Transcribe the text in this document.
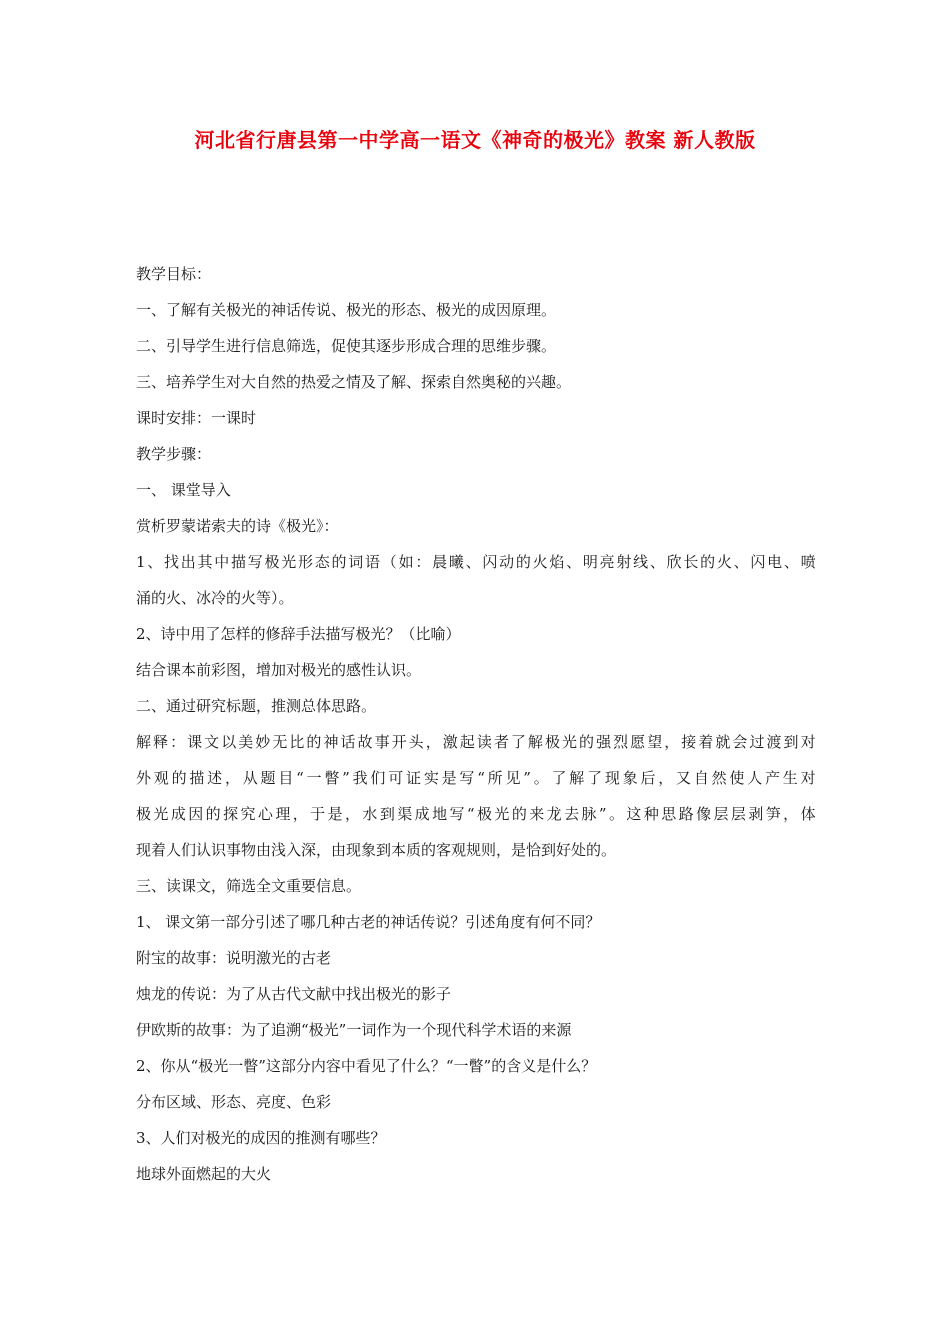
河北省行唐县第一中学高一语文《神奇的极光》教案 新人教版
教学目标：
一、了解有关极光的神话传说、极光的形态、极光的成因原理。
二、引导学生进行信息筛选，促使其逐步形成合理的思维步骤。
三、培养学生对大自然的热爱之情及了解、探索自然奥秘的兴趣。
课时安排：一课时
教学步骤：
一、 课堂导入
赏析罗蒙诺索夫的诗《极光》：
1、找出其中描写极光形态的词语（如：晨曦、闪动的火焰、明亮射线、欣长的火、闪电、喷
涌的火、冰冷的火等）。
2、诗中用了怎样的修辞手法描写极光？（比喻）
结合课本前彩图，增加对极光的感性认识。
二、通过研究标题，推测总体思路。
解释：课文以美妙无比的神话故事开头，激起读者了解极光的强烈愿望，接着就会过渡到对
外观的描述，从题目“一瞥”我们可证实是写“所见”。了解了现象后，又自然使人产生对
极光成因的探究心理，于是，水到渠成地写“极光的来龙去脉”。这种思路像层层剥笋，体
现着人们认识事物由浅入深，由现象到本质的客观规则，是恰到好处的。
三、读课文，筛选全文重要信息。
1、 课文第一部分引述了哪几种古老的神话传说？引述角度有何不同？
附宝的故事：说明激光的古老
烛龙的传说：为了从古代文献中找出极光的影子
伊欧斯的故事：为了追溯“极光”一词作为一个现代科学术语的来源
2、你从“极光一瞥”这部分内容中看见了什么？“一瞥”的含义是什么？
分布区域、形态、亮度、色彩
3、人们对极光的成因的推测有哪些？
地球外面燃起的大火
